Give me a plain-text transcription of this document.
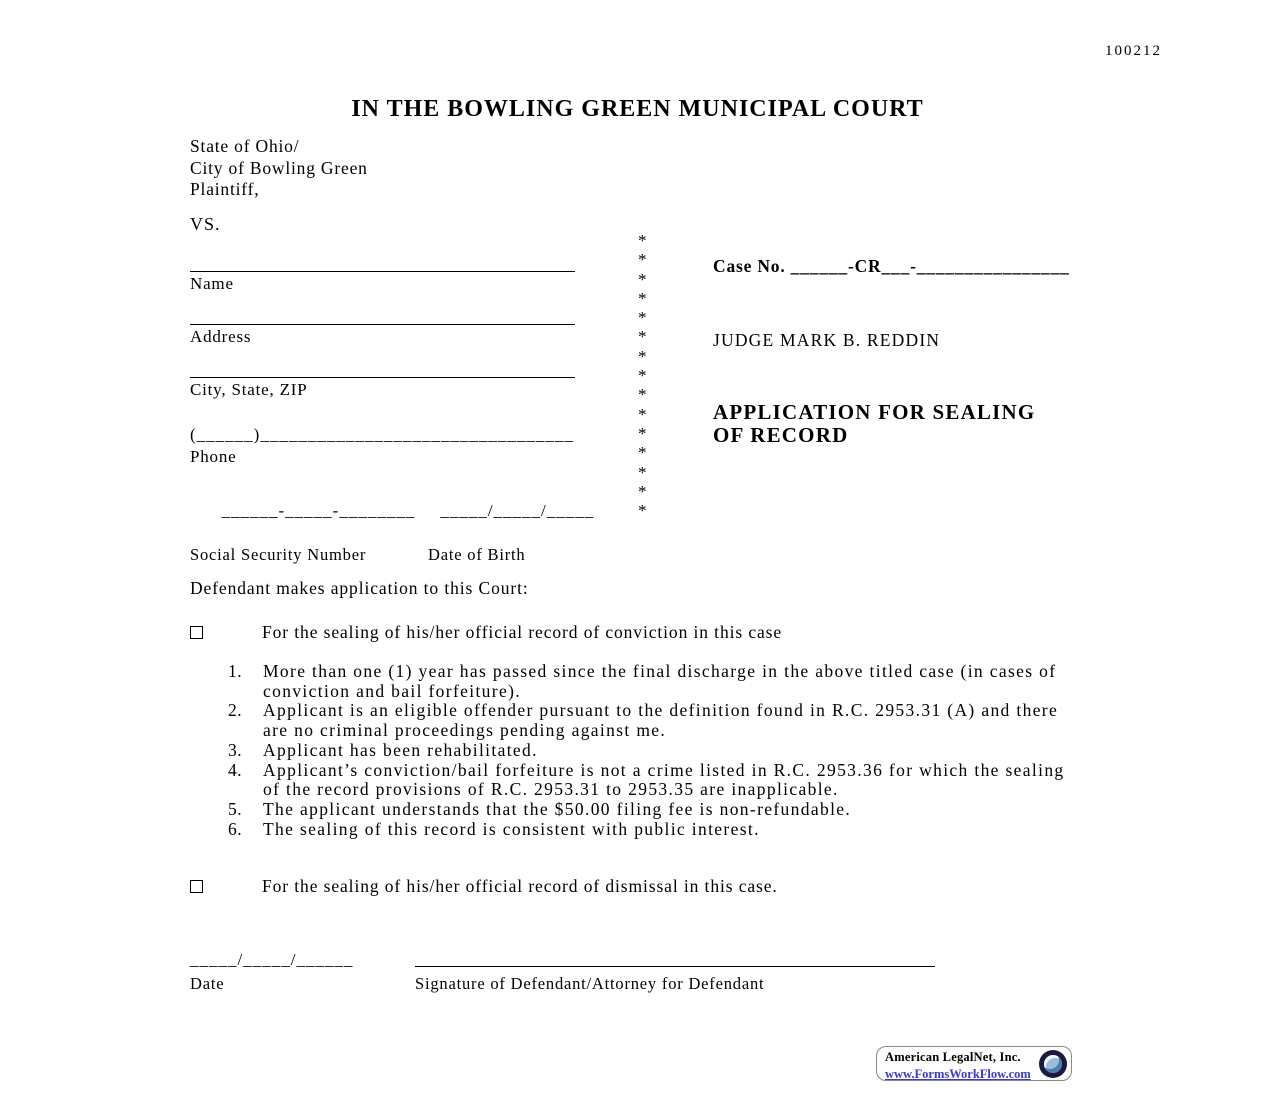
100212
IN THE BOWLING GREEN MUNICIPAL COURT
State of Ohio/
City of Bowling Green
Plaintiff,
VS.
Name
Address
City, State, ZIP
(______)_________________________________
Phone

______-_____-________ _____/_____/_____

Social Security Number	Date of Birth
*
*
*
*
*
*
*
*
*
*
*
*
*
*
*
Case No. ______-CR___-________________
JUDGE MARK B. REDDIN
APPLICATION FOR SEALING
OF RECORD
Defendant makes application to this Court:
For the sealing of his/her official record of conviction in this case
1.	More than one (1) year has passed since the final discharge in the above titled case (in cases of conviction and bail forfeiture).
2.	Applicant is an eligible offender pursuant to the definition found in R.C. 2953.31 (A) and there are no criminal proceedings pending against me.
3.	Applicant has been rehabilitated.
4.	Applicant’s conviction/bail forfeiture is not a crime listed in R.C. 2953.36 for which the sealing of the record provisions of R.C. 2953.31 to 2953.35 are inapplicable.
5.	The applicant understands that the $50.00 filing fee is non-refundable.
6.	The sealing of this record is consistent with public interest.
For the sealing of his/her official record of dismissal in this case.
_____/_____/______
Date	Signature of Defendant/Attorney for Defendant
American LegalNet, Inc.
www.FormsWorkFlow.com
